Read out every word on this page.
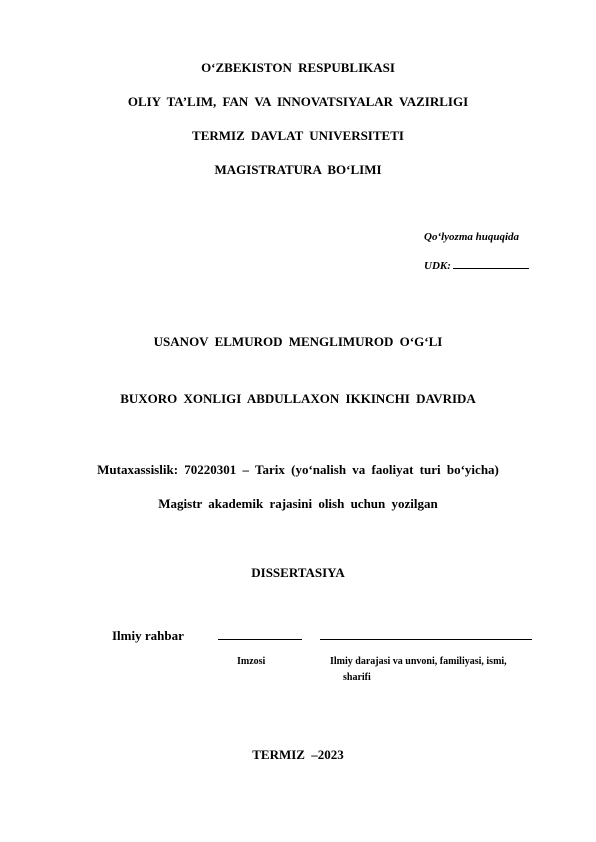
O‘ZBEKISTON RESPUBLIKASI
OLIY TA’LIM, FAN VA INNOVATSIYALAR VAZIRLIGI
TERMIZ DAVLAT UNIVERSITETI
MAGISTRATURA BO‘LIMI
Qo‘lyozma huquqida
UDK:
USANOV ELMUROD MENGLIMUROD O‘G‘LI
BUXORO XONLIGI ABDULLAXON IKKINCHI DAVRIDA
Mutaxassislik: 70220301 – Tarix (yo‘nalish va faoliyat turi bo‘yicha)
Magistr akademik rajasini olish uchun yozilgan
DISSERTASIYA
Ilmiy rahbar
Imzosi	Ilmiy darajasi va unvoni, familiyasi, ismi,
sharifi
TERMIZ –2023
